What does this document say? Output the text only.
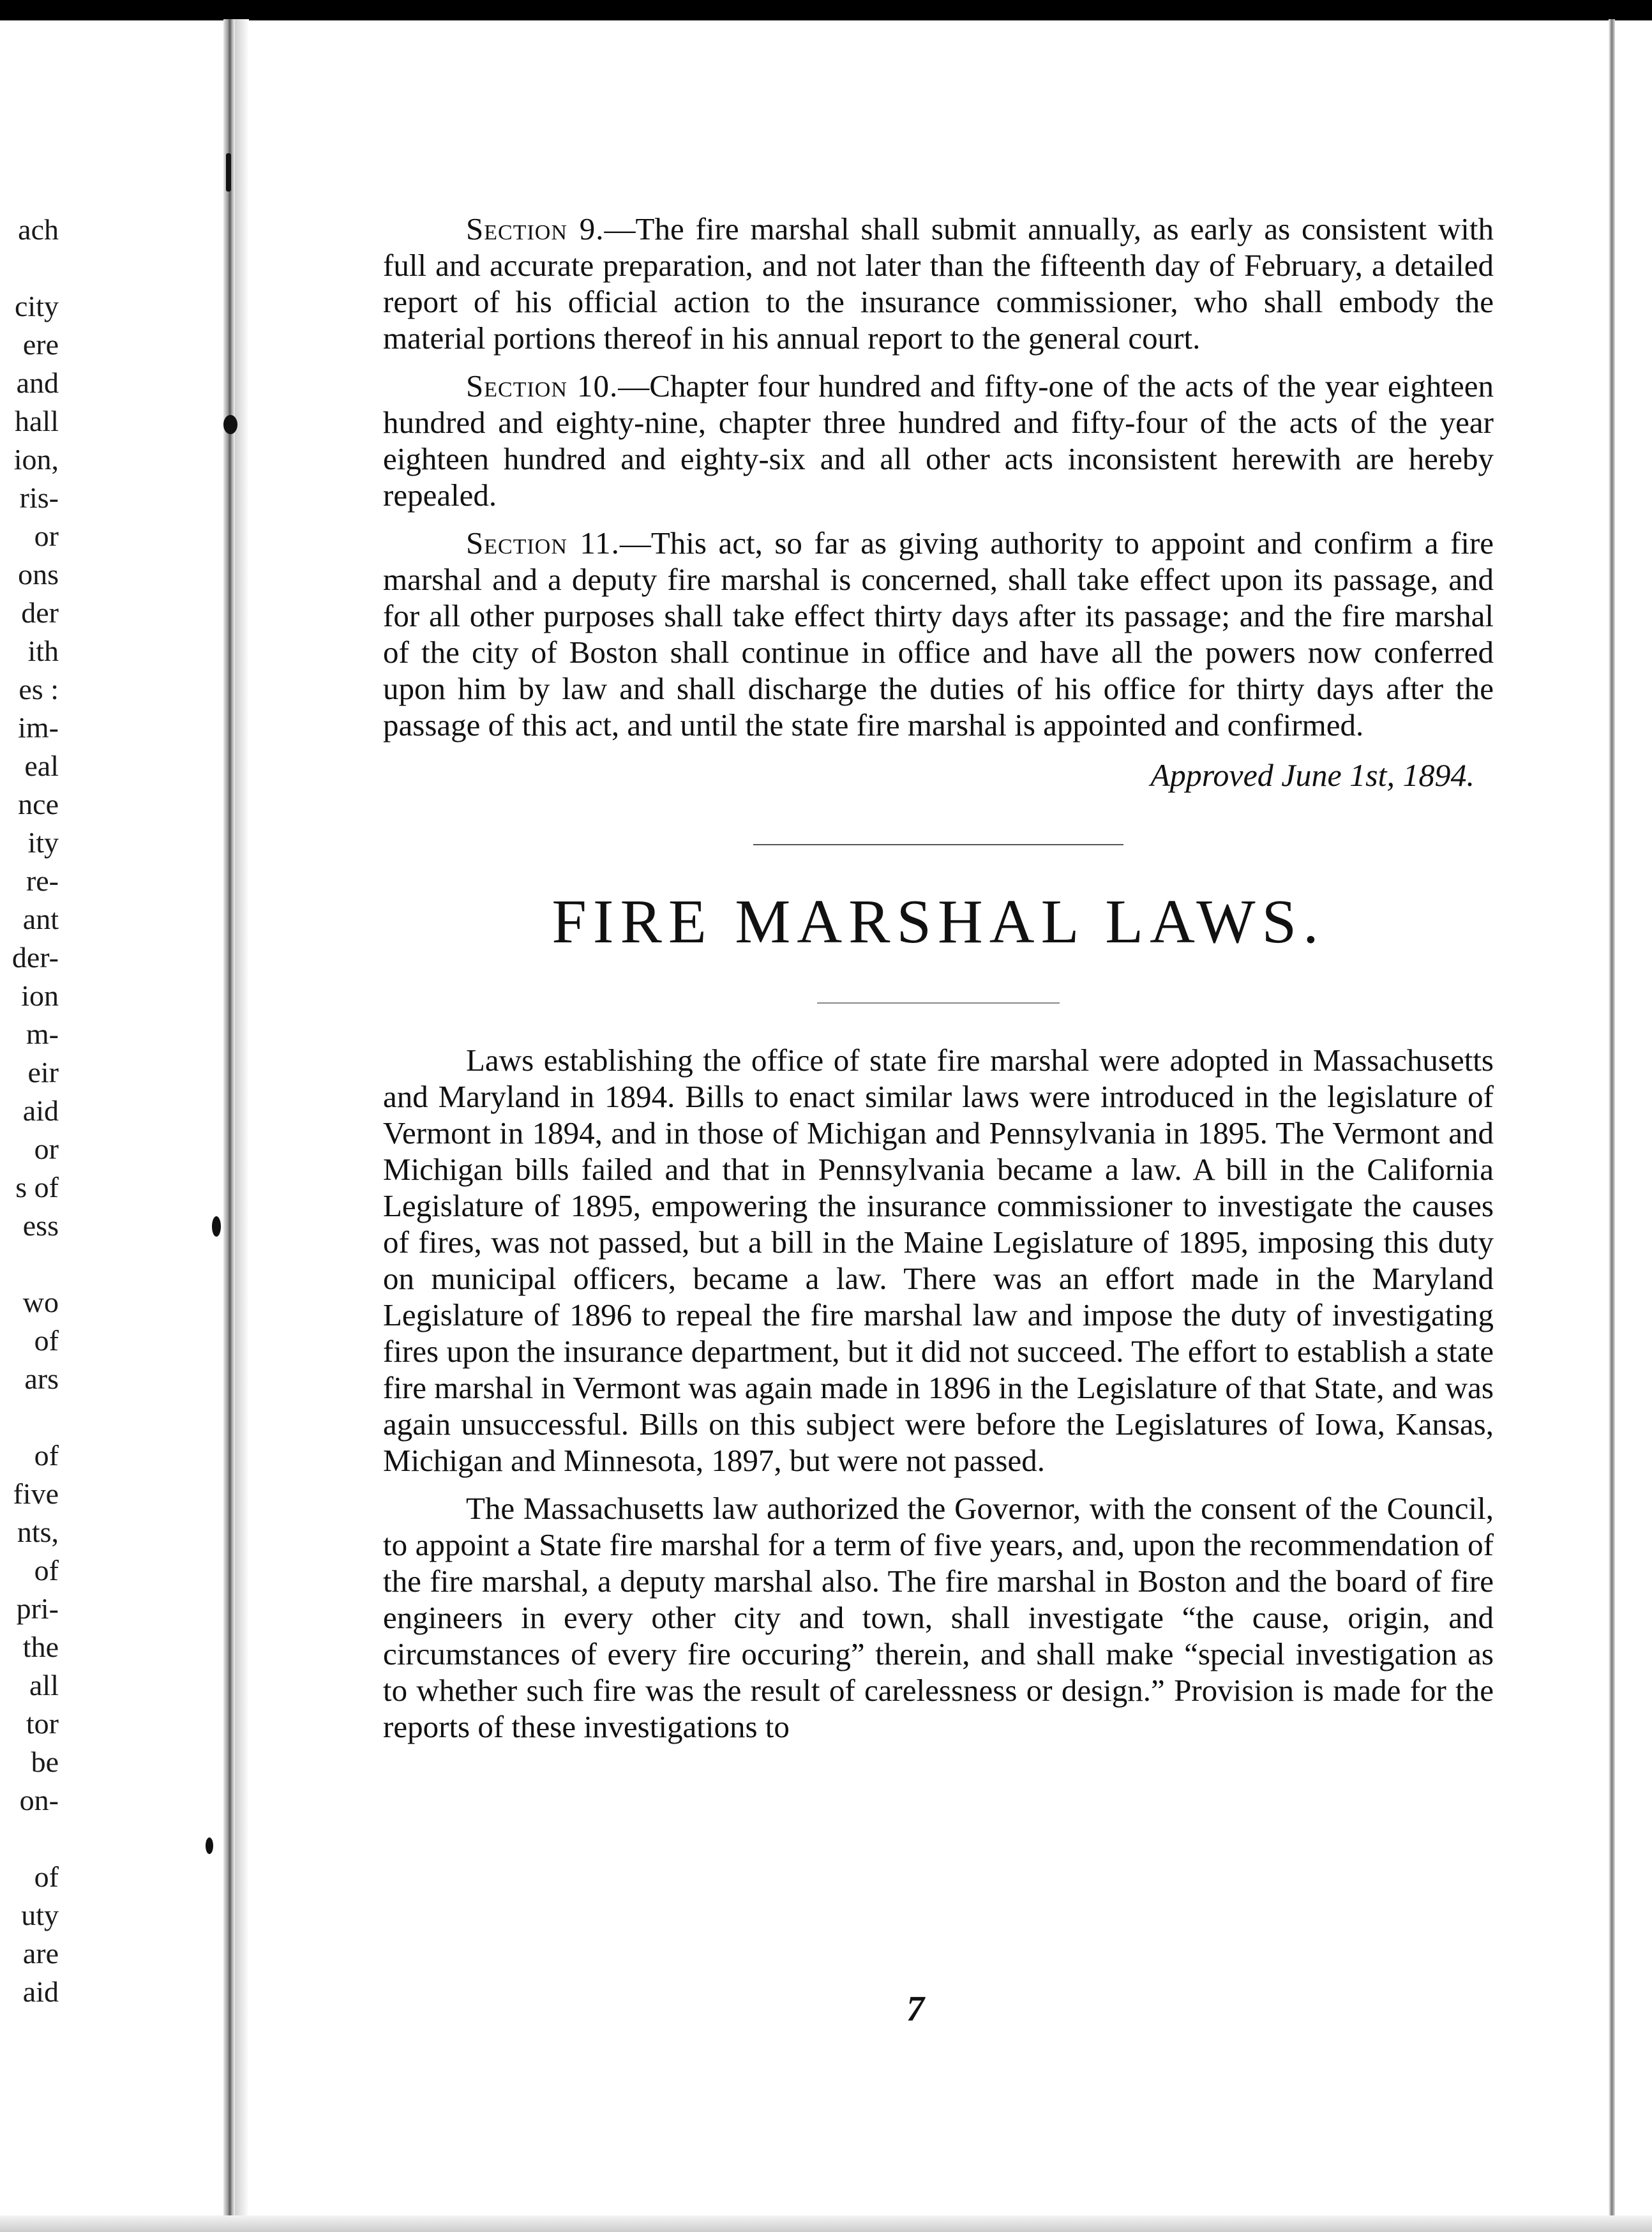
ach

city
ere
and
hall
ion,
ris-
or
ons
der
ith
es :
im-
eal
nce
ity
re-
ant
der-
ion
m-
eir
aid
or
s of
ess

wo
of
ars

of
five
nts,
of
pri-
the
all
tor
be
on-

of
uty
are
aid

Section 9.—The fire marshal shall submit annually, as early as consistent with full and accurate preparation, and not later than the fifteenth day of February, a detailed report of his official action to the insurance commissioner, who shall embody the material portions thereof in his annual report to the general court.

Section 10.—Chapter four hundred and fifty-one of the acts of the year eighteen hundred and eighty-nine, chapter three hundred and fifty-four of the acts of the year eighteen hundred and eighty-six and all other acts inconsistent herewith are hereby repealed.

Section 11.—This act, so far as giving authority to appoint and confirm a fire marshal and a deputy fire marshal is concerned, shall take effect upon its passage, and for all other purposes shall take effect thirty days after its passage; and the fire marshal of the city of Boston shall continue in office and have all the powers now conferred upon him by law and shall discharge the duties of his office for thirty days after the passage of this act, and until the state fire marshal is appointed and confirmed.

Approved June 1st, 1894.
FIRE MARSHAL LAWS.

Laws establishing the office of state fire marshal were adopted in Massachusetts and Maryland in 1894. Bills to enact similar laws were introduced in the legislature of Vermont in 1894, and in those of Michigan and Pennsylvania in 1895. The Vermont and Michigan bills failed and that in Pennsylvania became a law. A bill in the California Legislature of 1895, empowering the insurance commissioner to investigate the causes of fires, was not passed, but a bill in the Maine Legislature of 1895, imposing this duty on municipal officers, became a law. There was an effort made in the Maryland Legislature of 1896 to repeal the fire marshal law and impose the duty of investigating fires upon the insurance department, but it did not succeed. The effort to establish a state fire marshal in Vermont was again made in 1896 in the Legislature of that State, and was again unsuccessful. Bills on this subject were before the Legislatures of Iowa, Kansas, Michigan and Minnesota, 1897, but were not passed.

The Massachusetts law authorized the Governor, with the consent of the Council, to appoint a State fire marshal for a term of five years, and, upon the recommendation of the fire marshal, a deputy marshal also. The fire marshal in Boston and the board of fire engineers in every other city and town, shall investigate “the cause, origin, and circumstances of every fire occuring” therein, and shall make “special investigation as to whether such fire was the result of carelessness or design.” Provision is made for the reports of these investigations to

7
